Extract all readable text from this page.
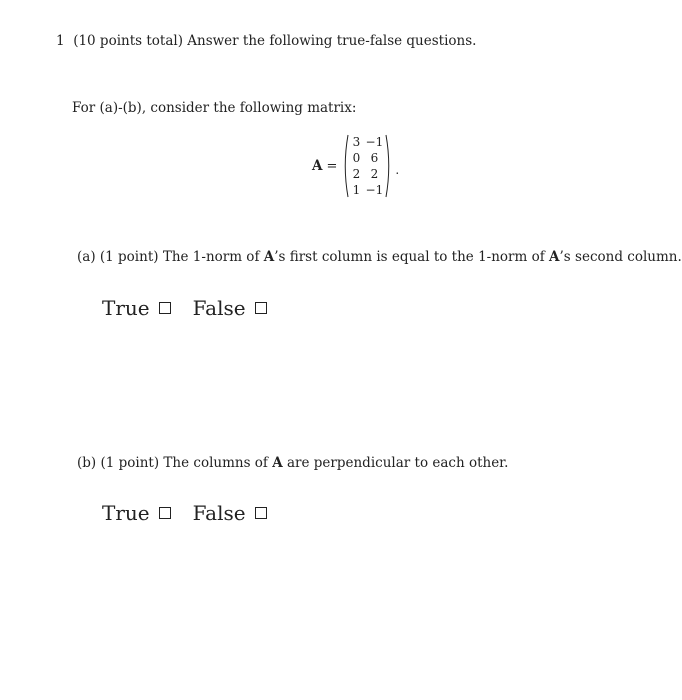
1 (10 points total) Answer the following true-false questions.
For (a)-(b), consider the following matrix:
A =
3 −1
0 6
2 2
1 −1
.
(a) (1 point) The 1-norm of A’s first column is equal to the 1-norm of A’s second column.
True False
(b) (1 point) The columns of A are perpendicular to each other.
True False
